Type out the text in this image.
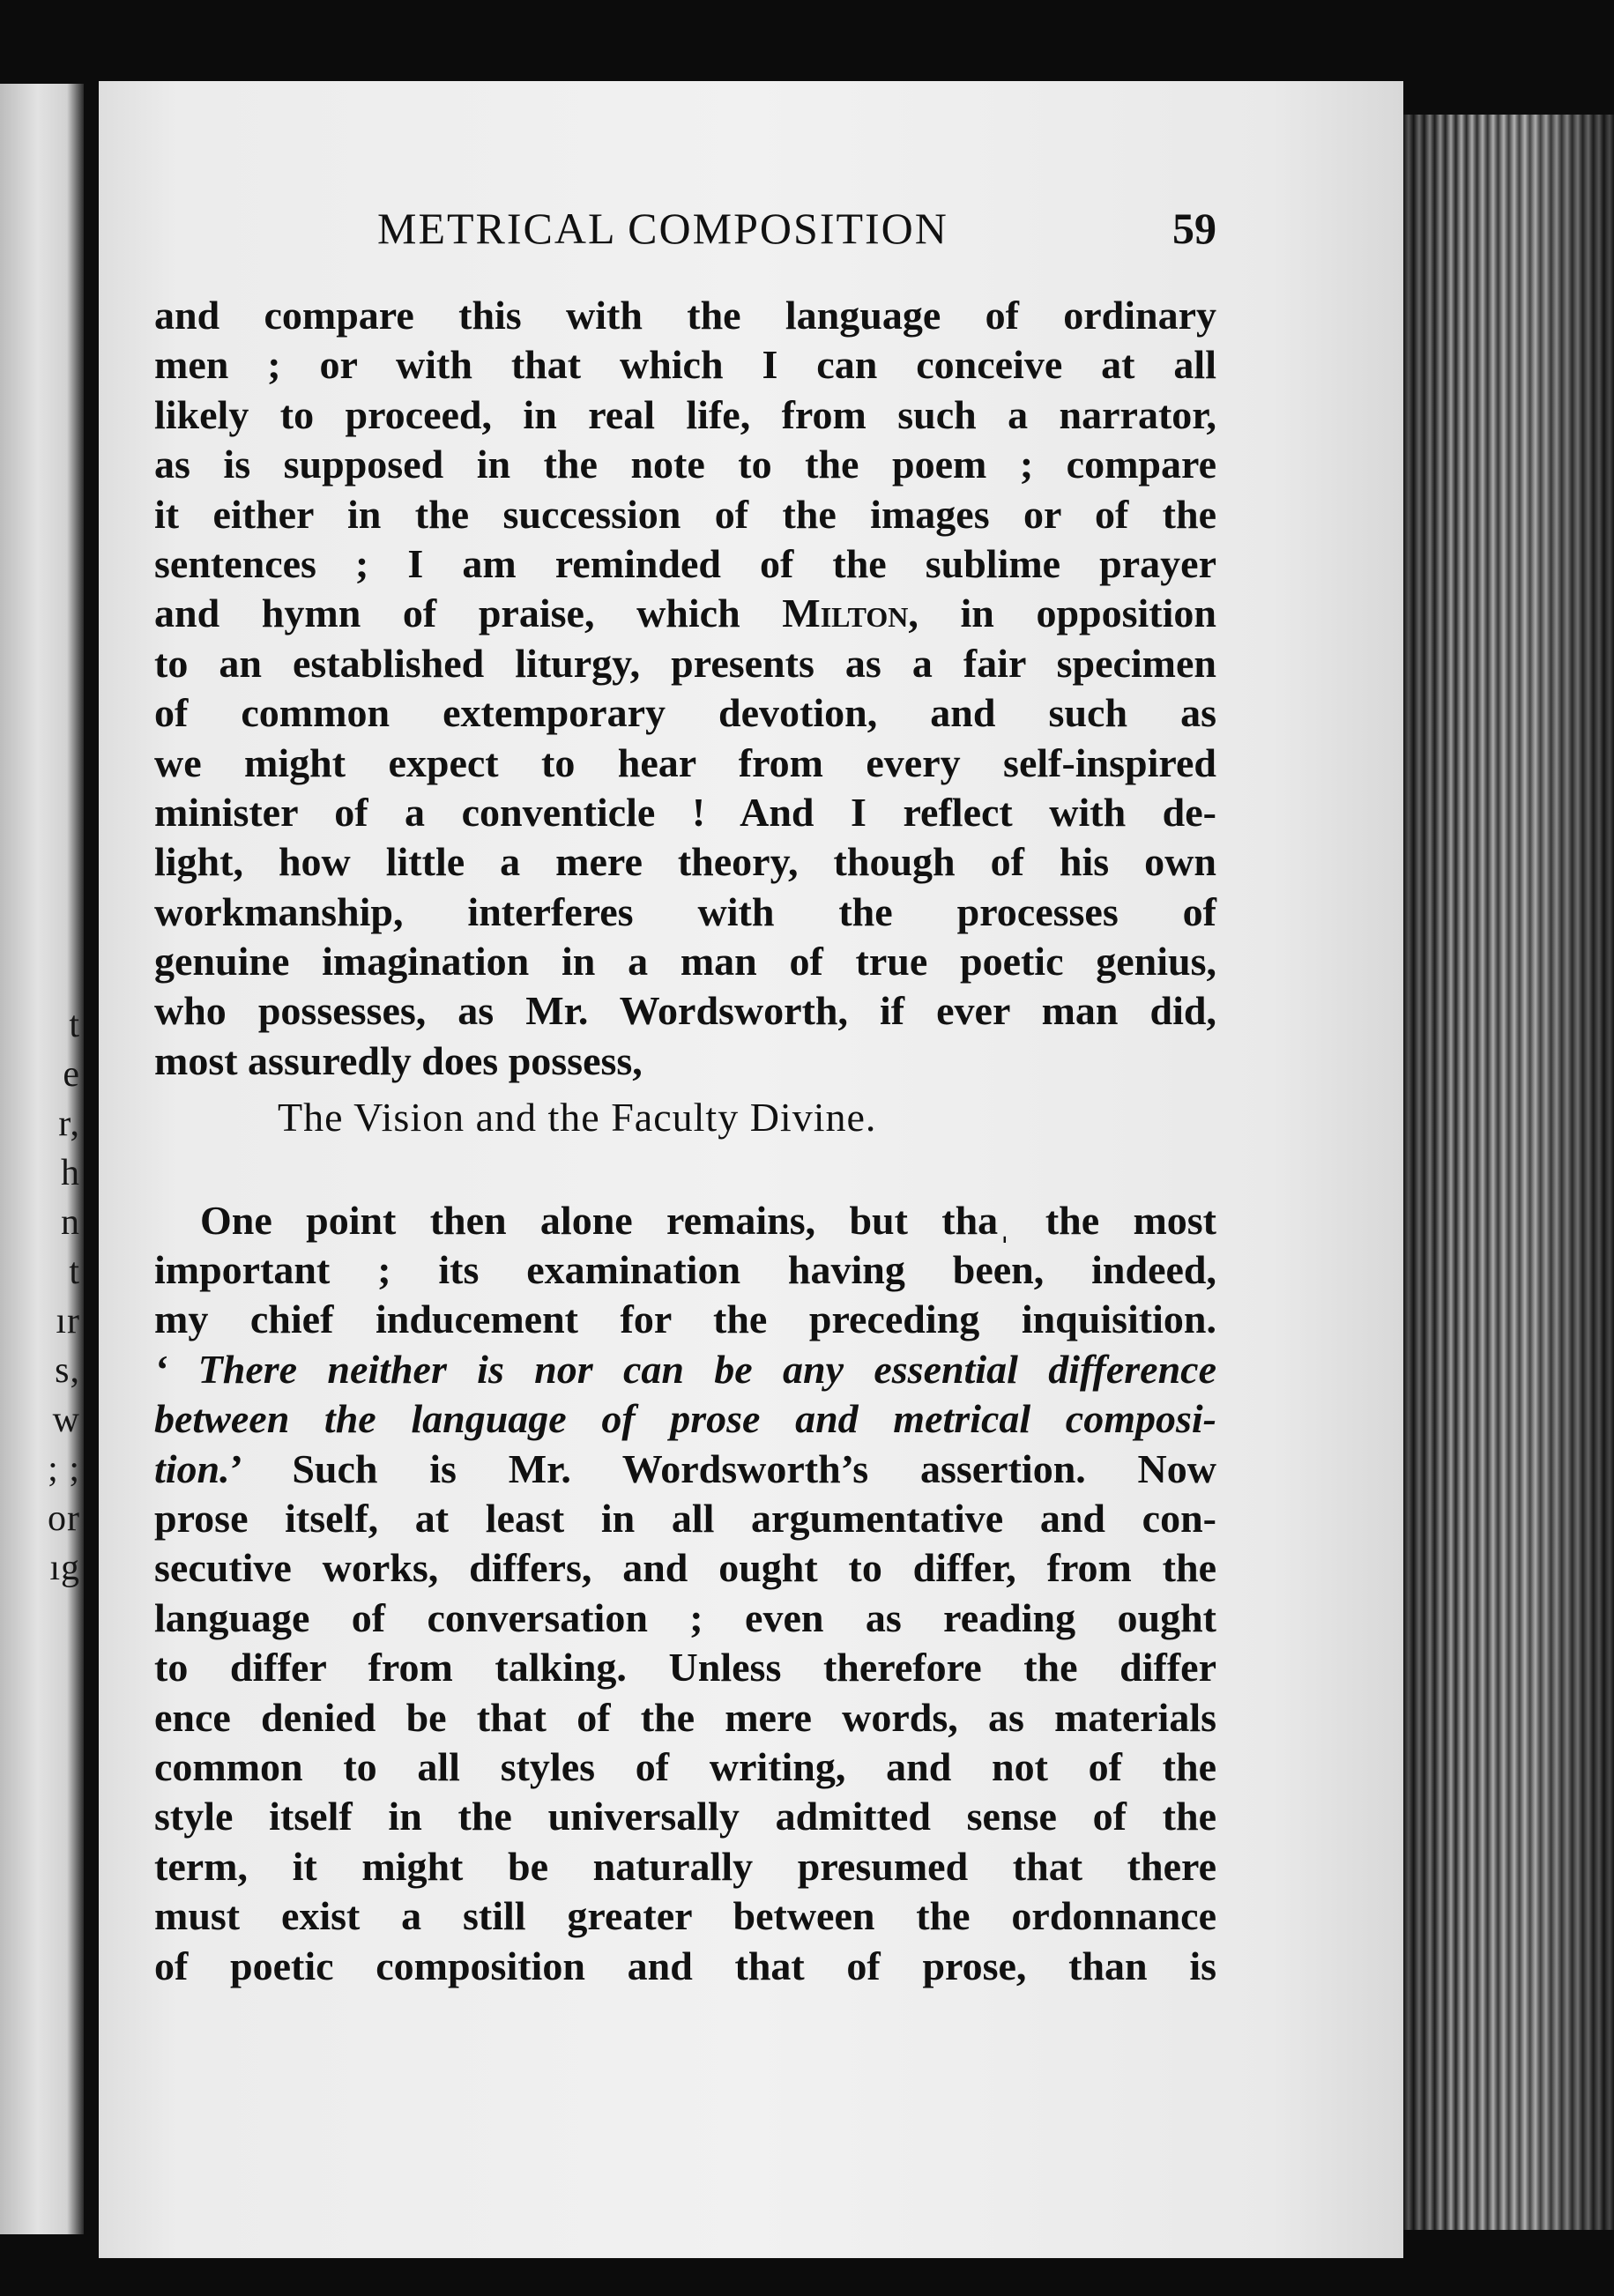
t
e
r,
h
n
t
ır
s,
w
; ;
or
ıg
METRICAL COMPOSITION	59
and compare this with the language of ordinary
men ; or with that which I can conceive at all
likely to proceed, in real life, from such a narrator,
as is supposed in the note to the poem ; compare
it either in the succession of the images or of the
sentences ; I am reminded of the sublime prayer
and hymn of praise, which Milton, in opposition
to an established liturgy, presents as a fair specimen
of common extemporary devotion, and such as
we might expect to hear from every self-inspired
minister of a conventicle ! And I reflect with de-
light, how little a mere theory, though of his own
workmanship, interferes with the processes of
genuine imagination in a man of true poetic genius,
who possesses, as Mr. Wordsworth, if ever man did,
most assuredly does possess,
The Vision and the Faculty Divine.
One point then alone remains, but thaˌ the most
important ; its examination having been, indeed,
my chief inducement for the preceding inquisition.
‘ There neither is nor can be any essential difference
between the language of prose and metrical composi-
tion.’ Such is Mr. Wordsworth’s assertion. Now
prose itself, at least in all argumentative and con-
secutive works, differs, and ought to differ, from the
language of conversation ; even as reading ought
to differ from talking. Unless therefore the differ
ence denied be that of the mere words, as materials
common to all styles of writing, and not of the
style itself in the universally admitted sense of the
term, it might be naturally presumed that there
must exist a still greater between the ordonnance
of poetic composition and that of prose, than is
